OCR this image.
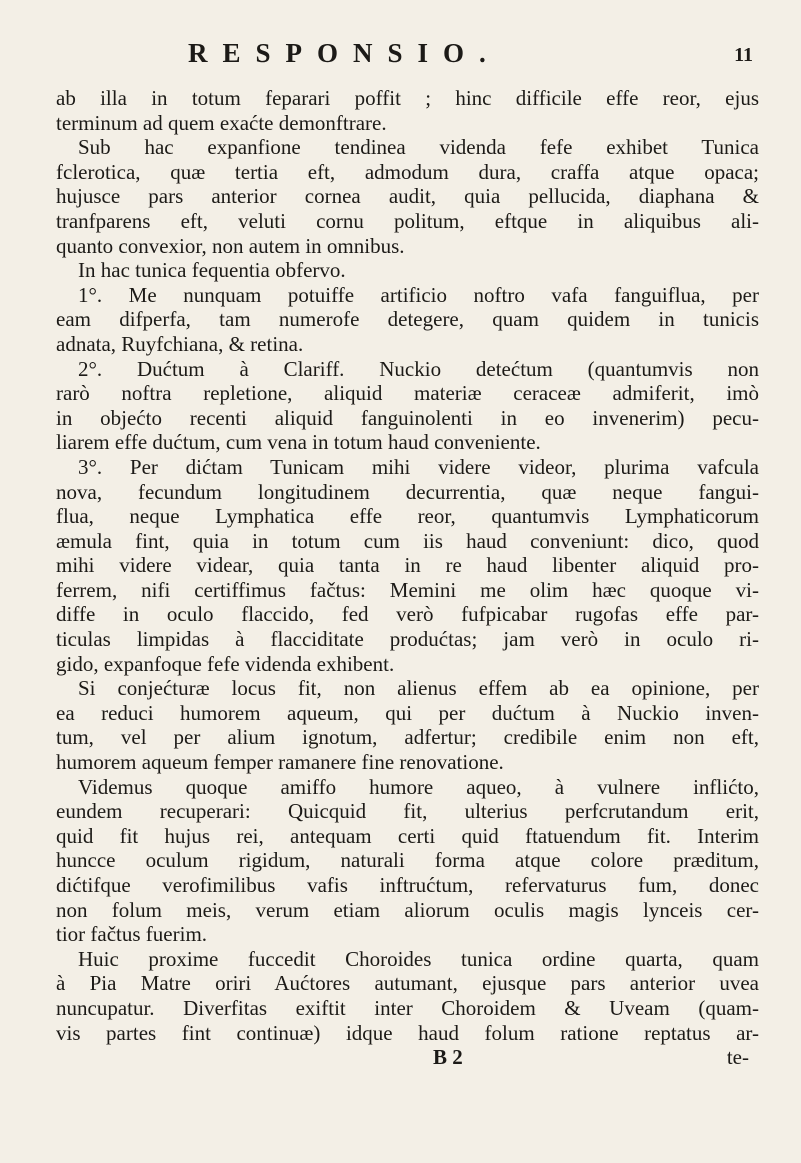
RESPONSIO.	11
ab illa in totum feparari poffit ; hinc difficile effe reor, ejus
terminum ad quem exaćte demonftrare.
Sub hac expanfione tendinea videnda fefe exhibet Tunica
fclerotica, quæ tertia eft, admodum dura, craffa atque opaca;
hujusce pars anterior cornea audit, quia pellucida, diaphana &
tranfparens eft, veluti cornu politum, eftque in aliquibus ali-
quanto convexior, non autem in omnibus.
In hac tunica fequentia obfervo.
1°. Me nunquam potuiffe artificio noftro vafa fanguiflua, per
eam difperfa, tam numerofe detegere, quam quidem in tunicis
adnata, Ruyfchiana, & retina.
2°. Dućtum à Clariff. Nuckio detećtum (quantumvis non
rarò noftra repletione, aliquid materiæ ceraceæ admiferit, imò
in objećto recenti aliquid fanguinolenti in eo invenerim) pecu-
liarem effe dućtum, cum vena in totum haud conveniente.
3°. Per dićtam Tunicam mihi videre videor, plurima vafcula
nova, fecundum longitudinem decurrentia, quæ neque fangui-
flua, neque Lymphatica effe reor, quantumvis Lymphaticorum
æmula fint, quia in totum cum iis haud conveniunt: dico, quod
mihi videre videar, quia tanta in re haud libenter aliquid pro-
ferrem, nifi certiffimus fačtus: Memini me olim hæc quoque vi-
diffe in oculo flaccido, fed verò fufpicabar rugofas effe par-
ticulas limpidas à flacciditate produćtas; jam verò in oculo ri-
gido, expanfoque fefe videnda exhibent.
Si conjećturæ locus fit, non alienus effem ab ea opinione, per
ea reduci humorem aqueum, qui per dućtum à Nuckio inven-
tum, vel per alium ignotum, adfertur; credibile enim non eft,
humorem aqueum femper ramanere fine renovatione.
Videmus quoque amiffo humore aqueo, à vulnere inflićto,
eundem recuperari: Quicquid fit, ulterius perfcrutandum erit,
quid fit hujus rei, antequam certi quid ftatuendum fit. Interim
huncce oculum rigidum, naturali forma atque colore præditum,
dićtifque verofimilibus vafis inftrućtum, refervaturus fum, donec
non folum meis, verum etiam aliorum oculis magis lynceis cer-
tior fačtus fuerim.
Huic proxime fuccedit Choroides tunica ordine quarta, quam
à Pia Matre oriri Aućtores autumant, ejusque pars anterior uvea
nuncupatur. Diverfitas exiftit inter Choroidem & Uveam (quam-
vis partes fint continuæ) idque haud folum ratione reptatus ar-
B 2	te-
